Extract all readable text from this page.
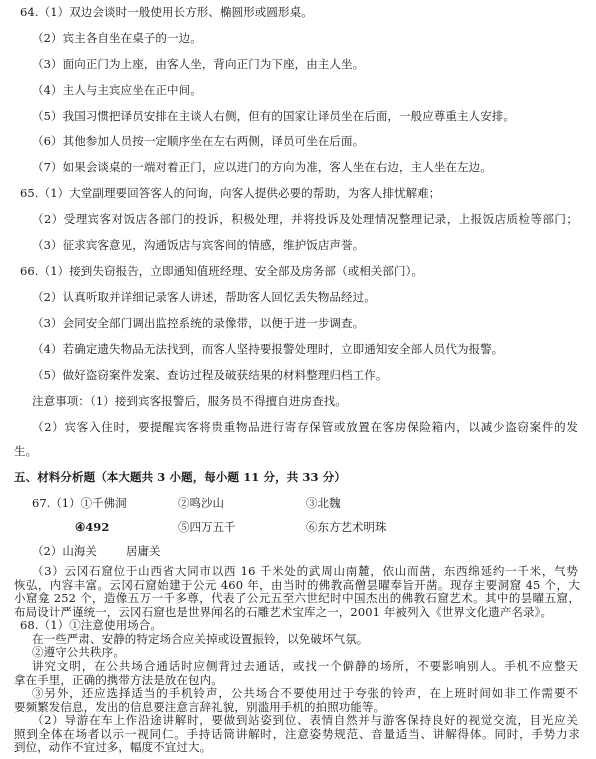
64.（1）双边会谈时一般使用长方形、椭圆形或圆形桌。
（2）宾主各自坐在桌子的一边。
（3）面向正门为上座，由客人坐，背向正门为下座，由主人坐。
（4）主人与主宾应坐在正中间。
（5）我国习惯把译员安排在主谈人右侧，但有的国家让译员坐在后面，一般应尊重主人安排。
（6）其他参加人员按一定顺序坐在左右两侧，译员可坐在后面。
（7）如果会谈桌的一端对着正门，应以进门的方向为准，客人坐在右边，主人坐在左边。
65.（1）大堂副理要回答客人的问询，向客人提供必要的帮助，为客人排忧解难；
（2）受理宾客对饭店各部门的投诉，积极处理，并将投诉及处理情况整理记录，上报饭店质检等部门；
（3）征求宾客意见，沟通饭店与宾客间的情感，维护饭店声誉。
66.（1）接到失窃报告，立即通知值班经理、安全部及房务部（或相关部门）。
（2）认真听取并详细记录客人讲述，帮助客人回忆丢失物品经过。
（3）会同安全部门调出监控系统的录像带，以便于进一步调查。
（4）若确定遗失物品无法找到，而客人坚持要报警处理时，立即通知安全部人员代为报警。
（5）做好盗窃案件发案、查访过程及破获结果的材料整理归档工作。
注意事项：（1）接到宾客报警后，服务员不得擅自进房查找。
（2）宾客入住时，要提醒宾客将贵重物品进行寄存保管或放置在客房保险箱内，以减少盗窃案件的发
生。
五、材料分析题（本大题共 3 小题，每小题 11 分，共 33 分）
67.（1）①千佛洞	②鸣沙山	③北魏
④492	⑤四万五千	⑥东方艺术明珠
（2）山海关	居庸关
（3）云冈石窟位于山西省大同市以西 16 千米处的武周山南麓，依山而凿，东西绵延约一千米，气势
恢弘，内容丰富。云冈石窟始建于公元 460 年，由当时的佛教高僧昙曜奉旨开凿。现存主要洞窟 45 个，大
小窟龛 252 个，造像五万一千多尊，代表了公元五至六世纪时中国杰出的佛教石窟艺术。其中的昙曜五窟，
布局设计严谨统一，云冈石窟也是世界闻名的石雕艺术宝库之一，2001 年被列入《世界文化遗产名录》。
68.（1）①注意使用场合。
在一些严肃、安静的特定场合应关掉或设置振铃，以免破坏气氛。
②遵守公共秩序。
讲究文明，在公共场合通话时应侧背过去通话，或找一个僻静的场所，不要影响别人。手机不应整天
拿在手里，正确的携带方法是放在包内。
③另外，还应选择适当的手机铃声，公共场合不要使用过于夸张的铃声，在上班时间如非工作需要不
要频繁发信息，发出的信息要注意言辞礼貌，别滥用手机的拍照功能等。
（2）导游在车上作沿途讲解时，要做到站姿到位、表情自然并与游客保持良好的视觉交流，目光应关
照到全体在场者以示一视同仁。手持话筒讲解时，注意姿势规范、音量适当、讲解得体。同时，手势力求
到位，动作不宜过多，幅度不宜过大。
